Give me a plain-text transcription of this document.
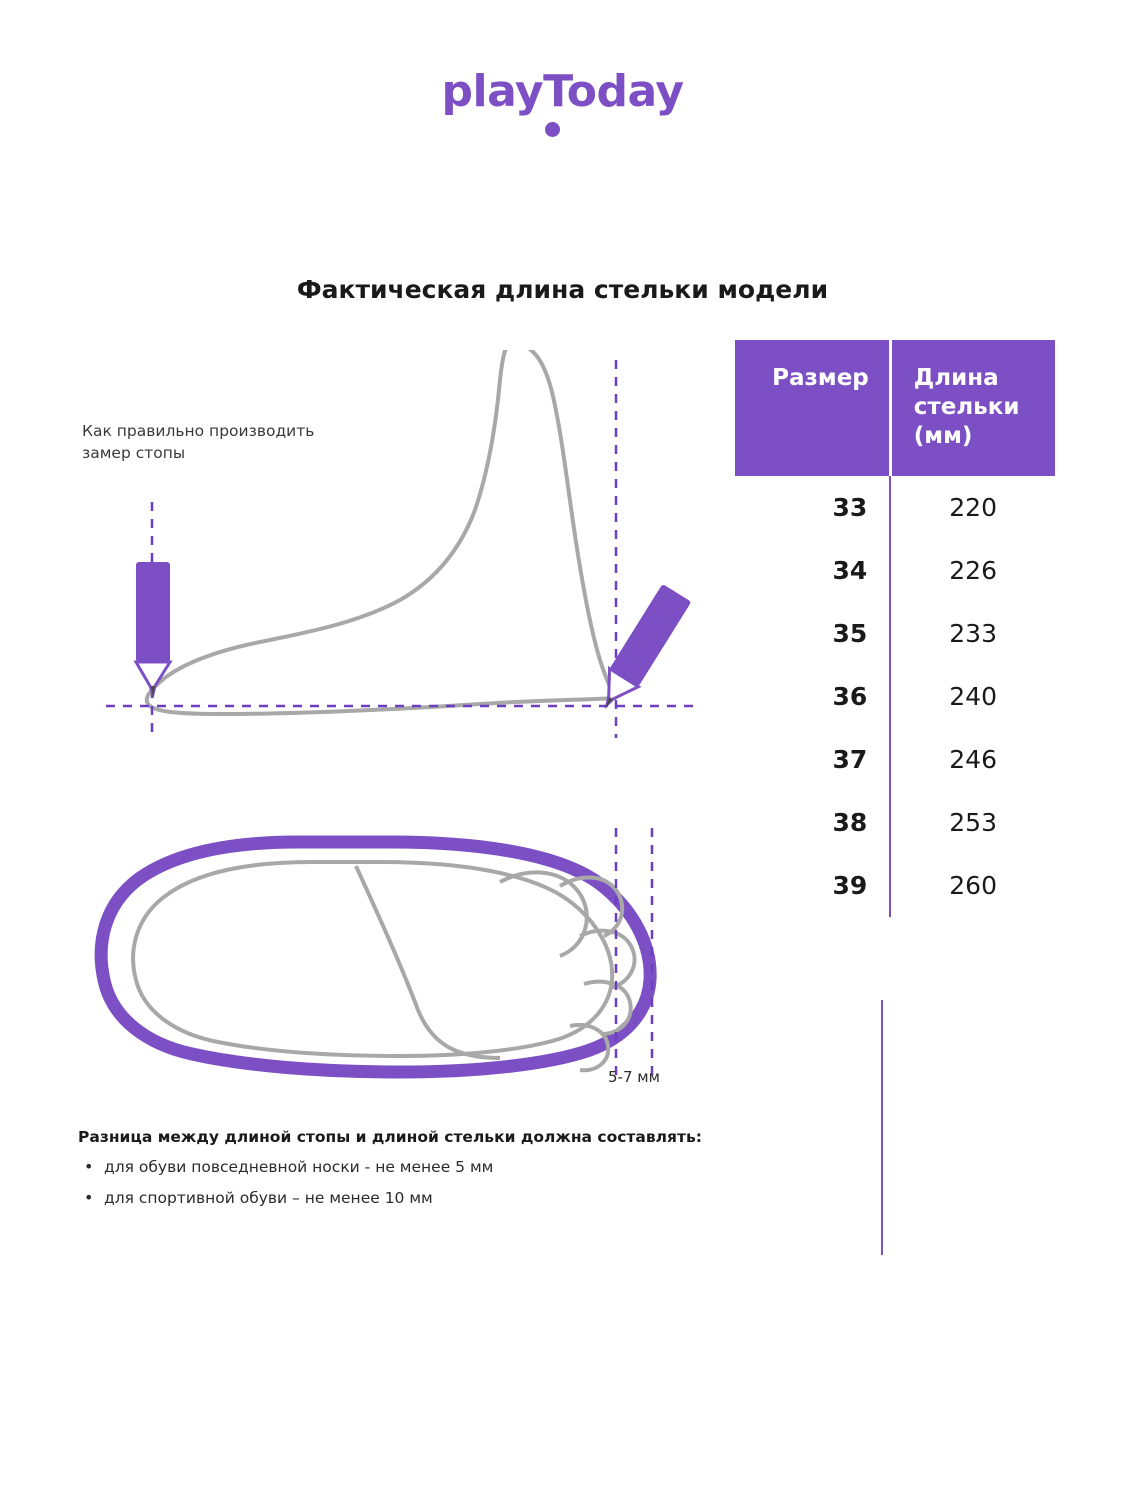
playToday
Фактическая длина стельки модели
Как правильно производить замер стопы
5-7 мм
Разница между длиной стопы и длиной стельки должна составлять:
• для обуви повседневной носки - не менее 5 мм
• для спортивной обуви – не менее 10 мм
Размер	Длина стельки (мм)
33	220
34	226
35	233
36	240
37	246
38	253
39	260
